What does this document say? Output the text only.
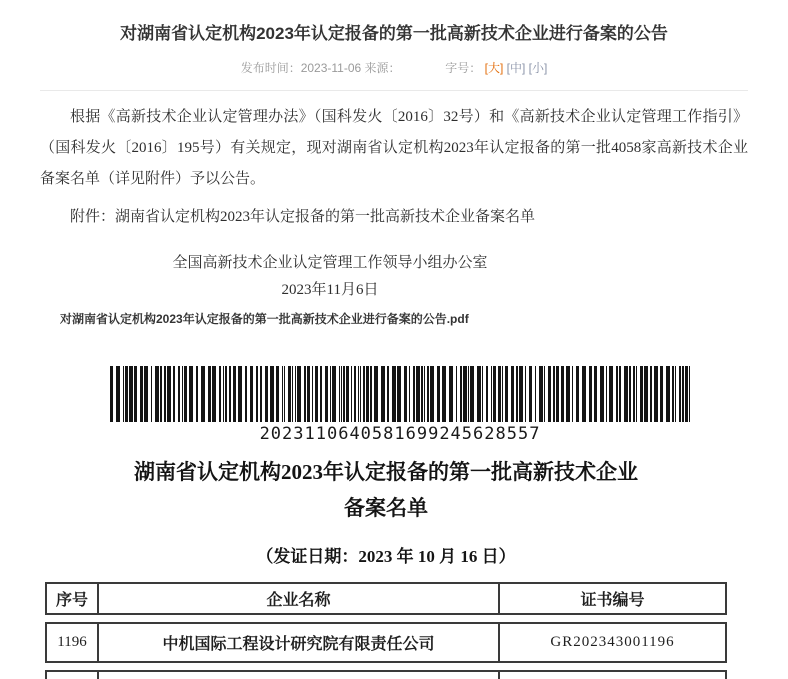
对湖南省认定机构2023年认定报备的第一批高新技术企业进行备案的公告
发布时间：2023-11-06 来源：	字号： [大] [中] [小]

根据《高新技术企业认定管理办法》（国科发火〔2016〕32号）和《高新技术企业认定管理工作指引》（国科发火〔2016〕195号）有关规定，现对湖南省认定机构2023年认定报备的第一批4058家高新技术企业备案名单（详见附件）予以公告。

附件：湖南省认定机构2023年认定报备的第一批高新技术企业备案名单

全国高新技术企业认定管理工作领导小组办公室

2023年11月6日

对湖南省认定机构2023年认定报备的第一批高新技术企业进行备案的公告.pdf
2023110640581699245628557
湖南省认定机构2023年认定报备的第一批高新技术企业
备案名单
（发证日期：2023 年 10 月 16 日）
序号	企业名称	证书编号
1196	中机国际工程设计研究院有限责任公司	GR202343001196
